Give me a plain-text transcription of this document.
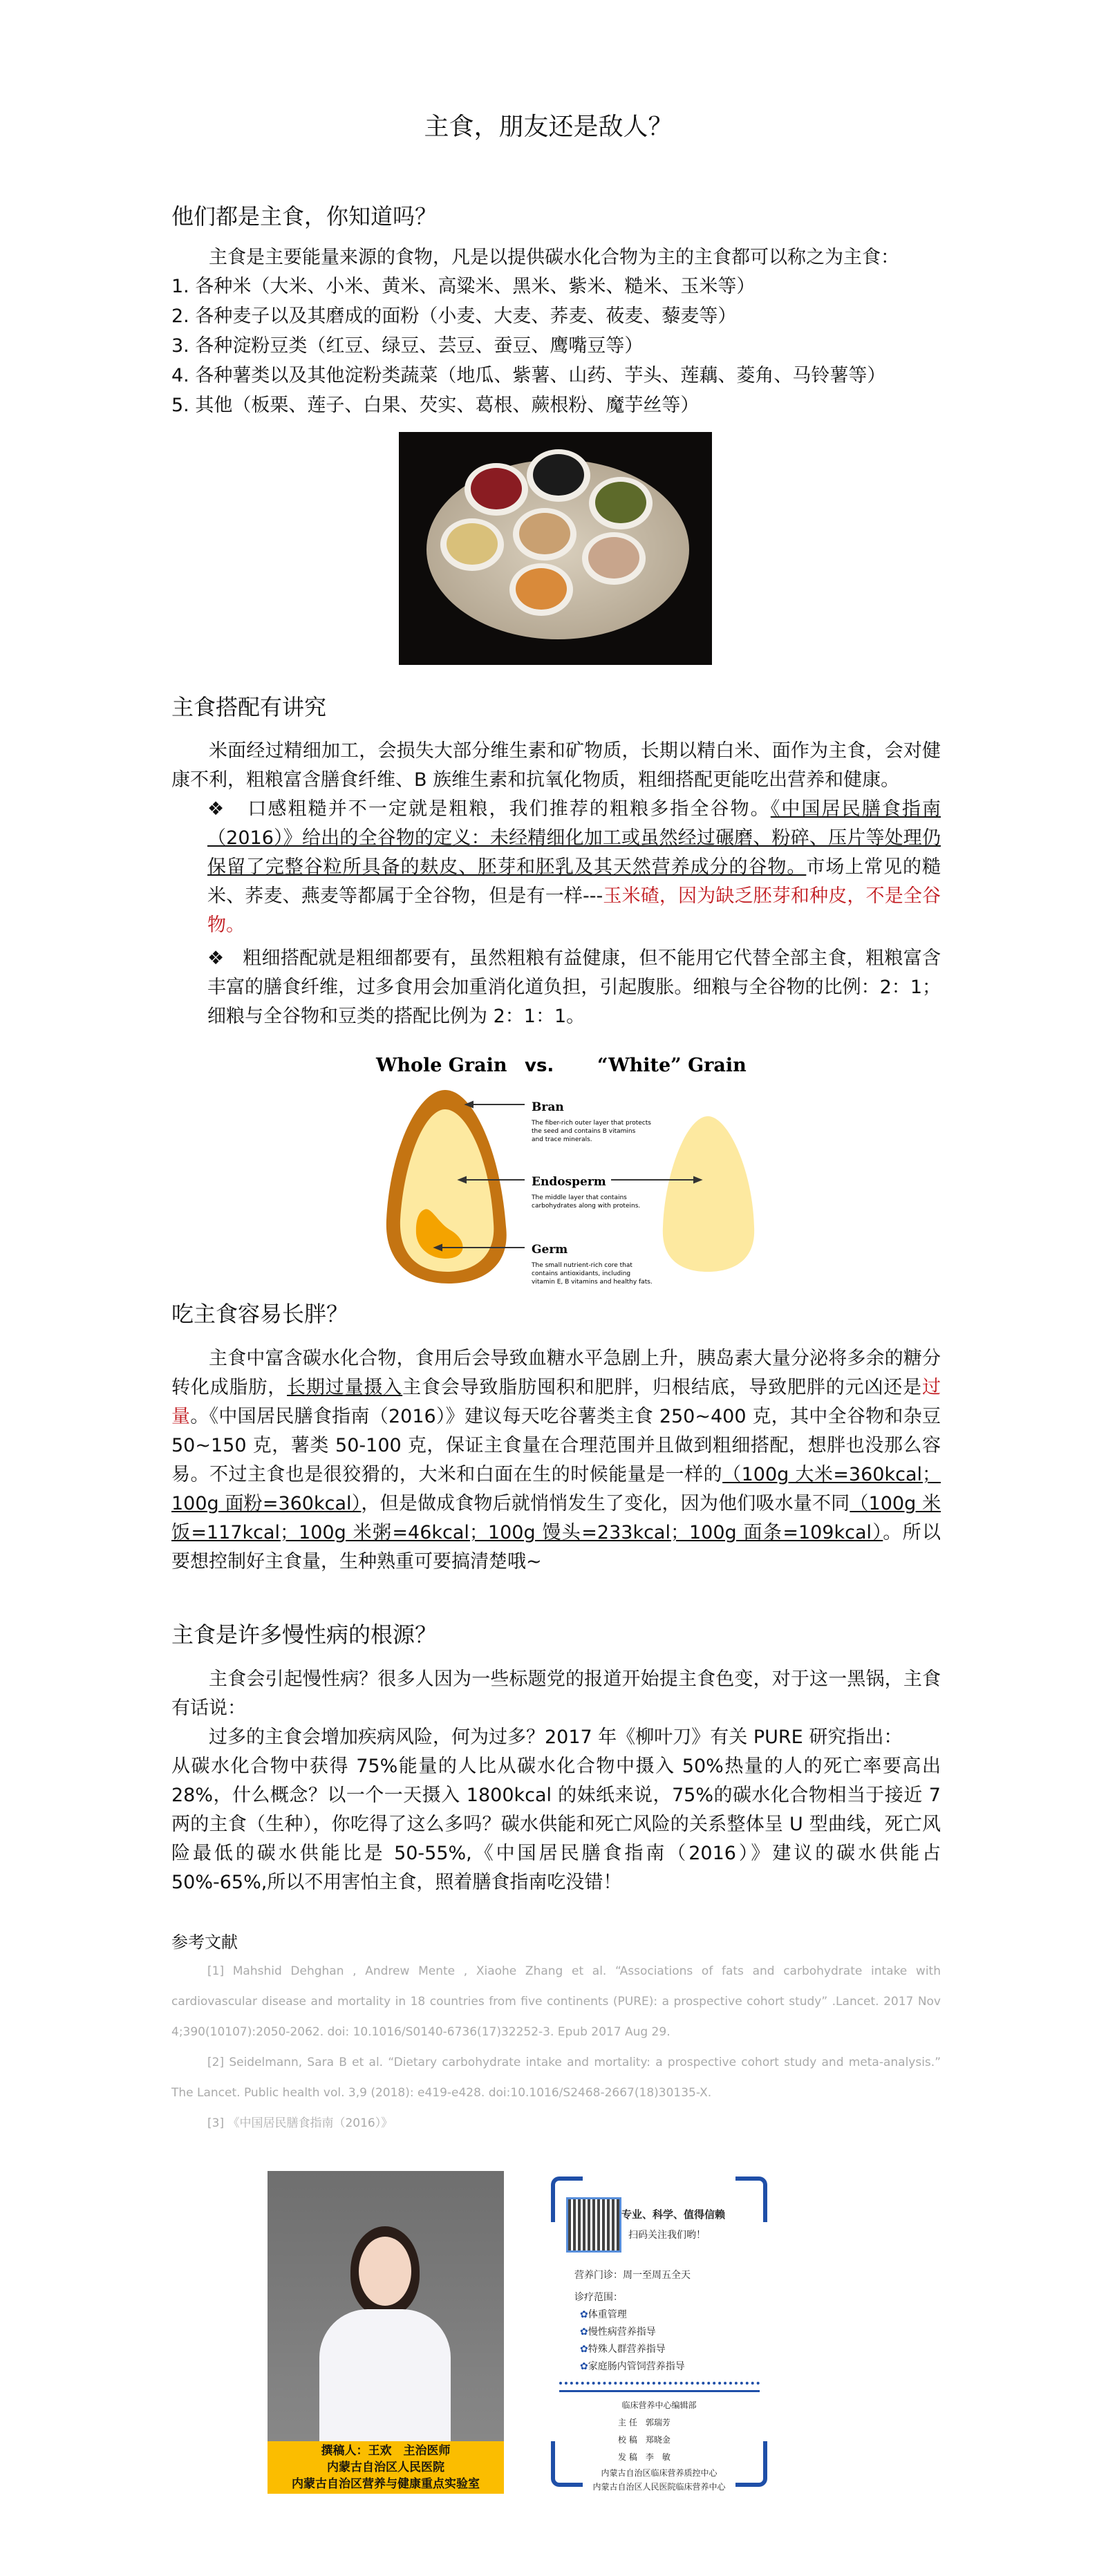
主食，朋友还是敌人？
他们都是主食，你知道吗？
主食是主要能量来源的食物，凡是以提供碳水化合物为主的主食都可以称之为主食：
1. 各种米（大米、小米、黄米、高粱米、黑米、紫米、糙米、玉米等）
2. 各种麦子以及其磨成的面粉（小麦、大麦、荞麦、莜麦、藜麦等）
3. 各种淀粉豆类（红豆、绿豆、芸豆、蚕豆、鹰嘴豆等）
4. 各种薯类以及其他淀粉类蔬菜（地瓜、紫薯、山药、芋头、莲藕、菱角、马铃薯等）
5. 其他（板栗、莲子、白果、芡实、葛根、蕨根粉、魔芋丝等）
主食搭配有讲究
米面经过精细加工，会损失大部分维生素和矿物质，长期以精白米、面作为主食，会对健康不利，粗粮富含膳食纤维、B 族维生素和抗氧化物质，粗细搭配更能吃出营养和健康。
❖ 口感粗糙并不一定就是粗粮，我们推荐的粗粮多指全谷物。《中国居民膳食指南（2016）》给出的全谷物的定义：未经精细化加工或虽然经过碾磨、粉碎、压片等处理仍保留了完整谷粒所具备的麸皮、胚芽和胚乳及其天然营养成分的谷物。市场上常见的糙米、荞麦、燕麦等都属于全谷物，但是有一样---玉米碴，因为缺乏胚芽和种皮，不是全谷物。
❖ 粗细搭配就是粗细都要有，虽然粗粮有益健康，但不能用它代替全部主食，粗粮富含丰富的膳食纤维，过多食用会加重消化道负担，引起腹胀。细粮与全谷物的比例：2：1；细粮与全谷物和豆类的搭配比例为 2：1：1。
Whole Grain vs. “White” Grain
Bran
The fiber-rich outer layer that protects
the seed and contains B vitamins
and trace minerals.
Endosperm
The middle layer that contains
carbohydrates along with proteins.
Germ
The small nutrient-rich core that
contains antioxidants, including
vitamin E, B vitamins and healthy fats.
吃主食容易长胖？
主食中富含碳水化合物，食用后会导致血糖水平急剧上升，胰岛素大量分泌将多余的糖分转化成脂肪，长期过量摄入主食会导致脂肪囤积和肥胖，归根结底，导致肥胖的元凶还是过量。《中国居民膳食指南（2016）》建议每天吃谷薯类主食 250~400 克，其中全谷物和杂豆 50~150 克，薯类 50-100 克，保证主食量在合理范围并且做到粗细搭配，想胖也没那么容易。不过主食也是很狡猾的，大米和白面在生的时候能量是一样的（100g 大米=360kcal；100g 面粉=360kcal），但是做成食物后就悄悄发生了变化，因为他们吸水量不同（100g 米饭=117kcal；100g 米粥=46kcal；100g 馒头=233kcal；100g 面条=109kcal）。所以要想控制好主食量，生种熟重可要搞清楚哦~
主食是许多慢性病的根源？
主食会引起慢性病？很多人因为一些标题党的报道开始提主食色变，对于这一黑锅，主食有话说：
过多的主食会增加疾病风险，何为过多？2017 年《柳叶刀》有关 PURE 研究指出：
从碳水化合物中获得 75%能量的人比从碳水化合物中摄入 50%热量的人的死亡率要高出 28%，什么概念？以一个一天摄入 1800kcal 的妹纸来说，75%的碳水化合物相当于接近 7 两的主食（生种），你吃得了这么多吗？碳水供能和死亡风险的关系整体呈 U 型曲线，死亡风险最低的碳水供能比是 50-55%,《中国居民膳食指南（2016）》建议的碳水供能占 50%-65%,所以不用害怕主食，照着膳食指南吃没错！
参考文献
[1] Mahshid Dehghan , Andrew Mente , Xiaohe Zhang et al. “Associations of fats and carbohydrate intake with cardiovascular disease and mortality in 18 countries from five continents (PURE): a prospective cohort study” .Lancet. 2017 Nov 4;390(10107):2050-2062. doi: 10.1016/S0140-6736(17)32252-3. Epub 2017 Aug 29.
[2] Seidelmann, Sara B et al. “Dietary carbohydrate intake and mortality: a prospective cohort study and meta-analysis.” The Lancet. Public health vol. 3,9 (2018): e419-e428. doi:10.1016/S2468-2667(18)30135-X.
[3] 《中国居民膳食指南（2016）》
撰稿人：王欢　主治医师
内蒙古自治区人民医院
内蒙古自治区营养与健康重点实验室
专业、科学、值得信赖
扫码关注我们哟！
营养门诊：周一至周五全天
诊疗范围：
✿体重管理
✿慢性病营养指导
✿特殊人群营养指导
✿家庭肠内管饲营养指导
临床营养中心编辑部
主 任　郭瑞芳
校 稿　郑晓金
发 稿　李　敏
内蒙古自治区临床营养质控中心
内蒙古自治区人民医院临床营养中心
